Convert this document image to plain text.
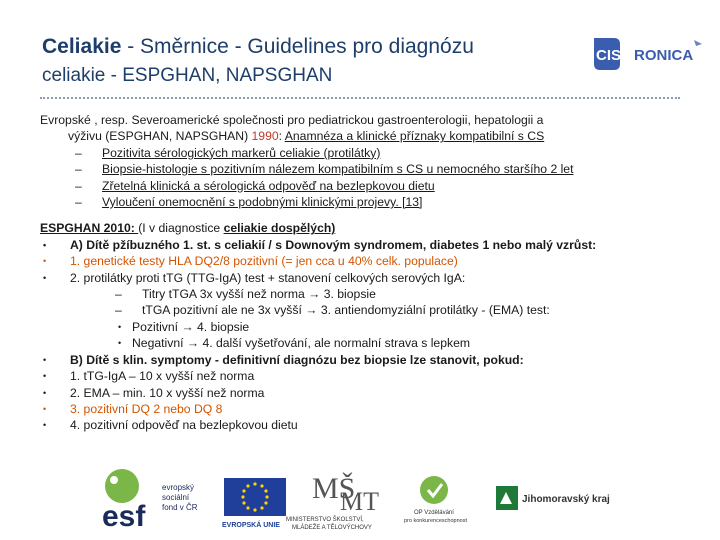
Celiakie - Směrnice - Guidelines pro diagnózu
celiakie - ESPGHAN, NAPSGHAN
CIST RONICA
CISTRONICA

Evropské , resp. Severoamerické společnosti pro pediatrickou gastroenterologii, hepatologii a

výživu (ESPGHAN, NAPSGHAN) 1990: Anamnéza a klinické příznaky kompatibilní s CS

– Pozitivita sérologických markerů celiakie (protilátky)
– Biopsie-histologie s pozitivním nálezem kompatibilním s CS u nemocného staršího 2 let
– Zřetelná klinická a sérologická odpověď na bezlepkovou dietu
– Vyloučení onemocnění s podobnými klinickými projevy. [13]

ESPGHAN 2010: (I v diagnostice celiakie dospělých)

• A) Dítě pžíbuzného 1. st. s celiakií / s Downovým syndromem, diabetes 1 nebo malý vzrůst:
• 1. genetické testy HLA DQ2/8 pozitivní (= jen cca u 40% celk. populace)
• 2. protilátky proti tTG (TTG-IgA) test + stanovení celkových serových IgA:
– Titry tTGA 3x vyšší než norma → 3. biopsie
– tTGA pozitivní ale ne 3x vyšší → 3. antiendomyziální protilátky - (EMA) test:
• Pozitivní → 4. biopsie
• Negativní → 4. další vyšetřování, ale normalní strava s lepkem
• B) Dítě s klin. symptomy - definitivní diagnózu bez biopsie lze stanovit, pokud:
• 1. tTG-IgA – 10 x vyšší než norma
• 2. EMA – min. 10 x vyšší než norma
• 3. pozitivní DQ 2 nebo DQ 8
• 4. pozitivní odpověď na bezlepkovou dietu
esf
evropský
sociální
fond v ČR
EVROPSKÁ UNIE
MŠ
MT
MINISTERSTVO ŠKOLSTVÍ,
MLÁDEŽE A TĚLOVÝCHOVY
OP Vzdělávání
pro konkurenceschopnost
Jihomoravský kraj
